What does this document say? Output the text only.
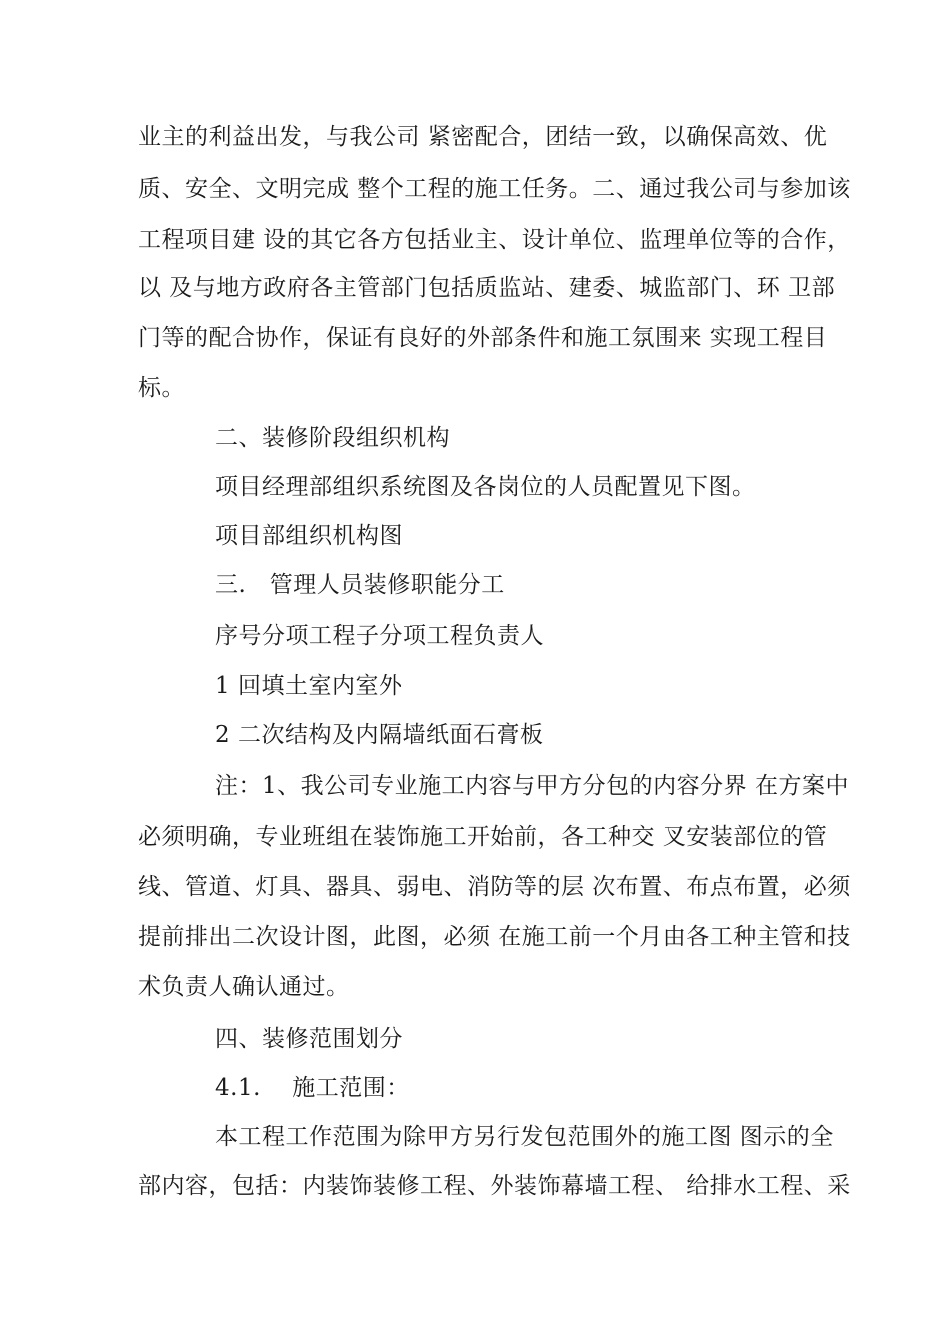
业主的利益出发，与我公司 紧密配合，团结一致，以确保高效、优
质、安全、文明完成 整个工程的施工任务。二、通过我公司与参加该
工程项目建 设的其它各方包括业主、设计单位、监理单位等的合作，
以 及与地方政府各主管部门包括质监站、建委、城监部门、环 卫部
门等的配合协作，保证有良好的外部条件和施工氛围来 实现工程目
标。
二、装修阶段组织机构
项目经理部组织系统图及各岗位的人员配置见下图。
项目部组织机构图
三.　管理人员装修职能分工
序号分项工程子分项工程负责人
1 回填土室内室外
2 二次结构及内隔墙纸面石膏板
注：1、我公司专业施工内容与甲方分包的内容分界 在方案中
必须明确，专业班组在装饰施工开始前，各工种交 叉安装部位的管
线、管道、灯具、器具、弱电、消防等的层 次布置、布点布置，必须
提前排出二次设计图，此图，必须 在施工前一个月由各工种主管和技
术负责人确认通过。
四、装修范围划分
4.1.　 施工范围：
本工程工作范围为除甲方另行发包范围外的施工图 图示的全
部内容，包括：内装饰装修工程、外装饰幕墙工程、 给排水工程、采
